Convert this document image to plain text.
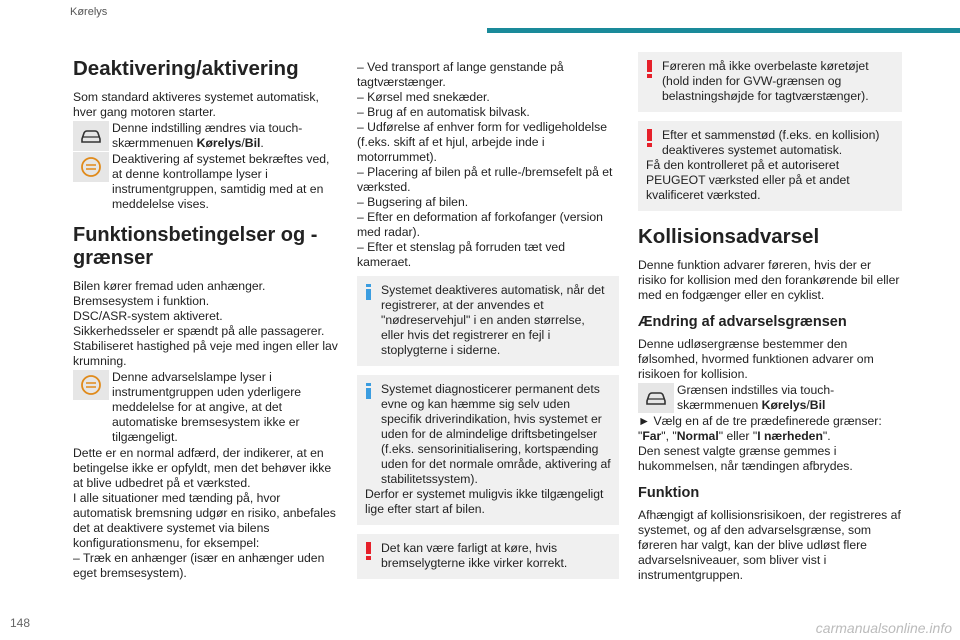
Kørelys
Deaktivering/aktivering

Som standard aktiveres systemet automatisk, hver gang motoren starter.

Denne indstilling ændres via touch-skærmmenuen Kørelys/Bil.

Deaktivering af systemet bekræftes ved, at denne kontrollampe lyser i instrumentgruppen, samtidig med at en meddelelse vises.

Funktionsbetingelser og -grænser

Bilen kører fremad uden anhænger.

Bremsesystem i funktion.

DSC/ASR-system aktiveret.

Sikkerhedsseler er spændt på alle passagerer.

Stabiliseret hastighed på veje med ingen eller lav krumning.

Denne advarselslampe lyser i instrumentgruppen uden yderligere meddelelse for at angive, at det automatiske bremsesystem ikke er tilgængeligt.

Dette er en normal adfærd, der indikerer, at en betingelse ikke er opfyldt, men det behøver ikke at blive udbedret på et værksted.

I alle situationer med tænding på, hvor automatisk bremsning udgør en risiko, anbefales det at deaktivere systemet via bilens konfigurationsmenu, for eksempel:

– Træk en anhænger (især en anhænger uden eget bremsesystem).

– Ved transport af lange genstande på tagtværstænger.

– Kørsel med snekæder.

– Brug af en automatisk bilvask.

– Udførelse af enhver form for vedligeholdelse (f.eks. skift af et hjul, arbejde inde i motorrummet).

– Placering af bilen på et rulle-/bremsefelt på et værksted.

– Bugsering af bilen.

– Efter en deformation af forkofanger (version med radar).

– Efter et stenslag på forruden tæt ved kameraet.

Systemet deaktiveres automatisk, når det registrerer, at der anvendes et "nødreservehjul" i en anden størrelse, eller hvis det registrerer en fejl i stoplygterne i siderne.

Systemet diagnosticerer permanent dets evne og kan hæmme sig selv uden specifik driverindikation, hvis systemet er uden for de almindelige driftsbetingelser (f.eks. sensorinitialisering, kortspænding uden for det normale område, aktivering af stabilitetssystem).

Derfor er systemet muligvis ikke tilgængeligt lige efter start af bilen.

Det kan være farligt at køre, hvis bremselygterne ikke virker korrekt.

Føreren må ikke overbelaste køretøjet (hold inden for GVW-grænsen og belastningshøjde for tagtværstænger).

Efter et sammenstød (f.eks. en kollision) deaktiveres systemet automatisk.

Få den kontrolleret på et autoriseret PEUGEOT værksted eller på et andet kvalificeret værksted.

Kollisionsadvarsel

Denne funktion advarer føreren, hvis der er risiko for kollision med den forankørende bil eller med en fodgænger eller en cyklist.

Ændring af advarselsgrænsen

Denne udløsergrænse bestemmer den følsomhed, hvormed funktionen advarer om risikoen for kollision.

Grænsen indstilles via touch-skærmmenuen Kørelys/Bil

► Vælg en af de tre prædefinerede grænser: "Far", "Normal" eller "I nærheden".

Den senest valgte grænse gemmes i hukommelsen, når tændingen afbrydes.

Funktion

Afhængigt af kollisionsrisikoen, der registreres af systemet, og af den advarselsgrænse, som føreren har valgt, kan der blive udløst flere advarselsniveauer, som bliver vist i instrumentgruppen.

148	carmanualsonline.info
